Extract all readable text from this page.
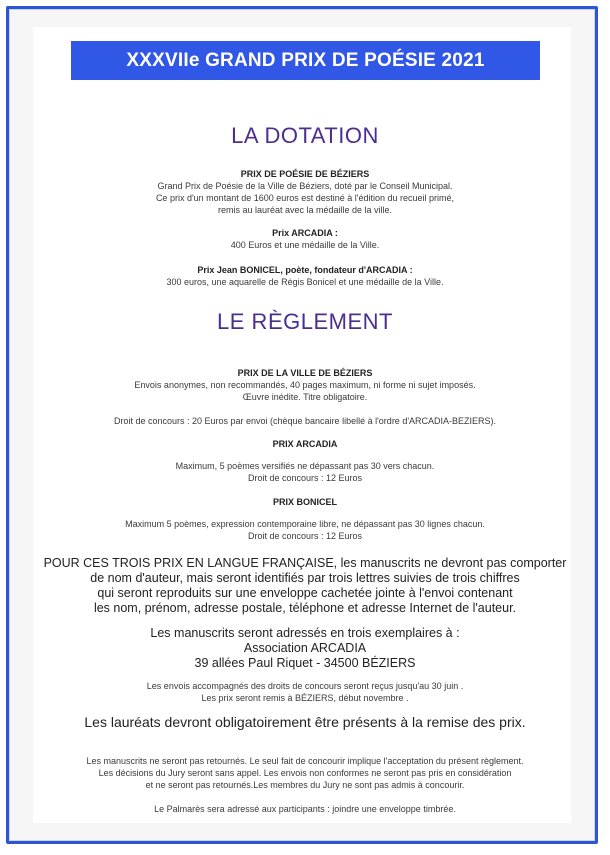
XXXVIIe GRAND PRIX DE POÉSIE 2021
LA DOTATION
PRIX DE POÉSIE DE BÉZIERS
Grand Prix de Poésie de la Ville de Béziers, doté par le Conseil Municipal.
Ce prix d'un montant de 1600 euros est destiné à l'édition du recueil primé,
remis au lauréat avec la médaille de la ville.
Prix ARCADIA :
400 Euros et une médaille de la Ville.
Prix Jean BONICEL, poète, fondateur d'ARCADIA :
300 euros, une aquarelle de Régis Bonicel et une médaille de la Ville.
LE RÈGLEMENT
PRIX DE LA VILLE DE BÉZIERS
Envois anonymes, non recommandés, 40 pages maximum, ni forme ni sujet imposés.
Œuvre inédite. Titre obligatoire.
Droit de concours : 20 Euros par envoi (chèque bancaire libellé à l'ordre d'ARCADIA-BEZIERS).
PRIX ARCADIA
Maximum, 5 poèmes versifiés ne dépassant pas 30 vers chacun.
Droit de concours : 12 Euros
PRIX BONICEL
Maximum 5 poèmes, expression contemporaine libre, ne dépassant pas 30 lignes chacun.
Droit de concours : 12 Euros
POUR CES TROIS PRIX EN LANGUE FRANÇAISE, les manuscrits ne devront pas comporter
de nom d'auteur, mais seront identifiés par trois lettres suivies de trois chiffres
qui seront reproduits sur une enveloppe cachetée jointe à l'envoi contenant
les nom, prénom, adresse postale, téléphone et adresse Internet de l'auteur.
Les manuscrits seront adressés en trois exemplaires à :
Association ARCADIA
39 allées Paul Riquet - 34500 BÉZIERS
Les envois accompagnés des droits de concours seront reçus jusqu'au 30 juin .
Les prix seront remis à BÉZIERS, début novembre .
Les lauréats devront obligatoirement être présents à la remise des prix.
Les manuscrits ne seront pas retournés. Le seul fait de concourir implique l'acceptation du présent règlement.
Les décisions du Jury seront sans appel. Les envois non conformes ne seront pas pris en considération
et ne seront pas retournés.Les membres du Jury ne sont pas admis à concourir.
Le Palmarès sera adressé aux participants : joindre une enveloppe timbrée.
